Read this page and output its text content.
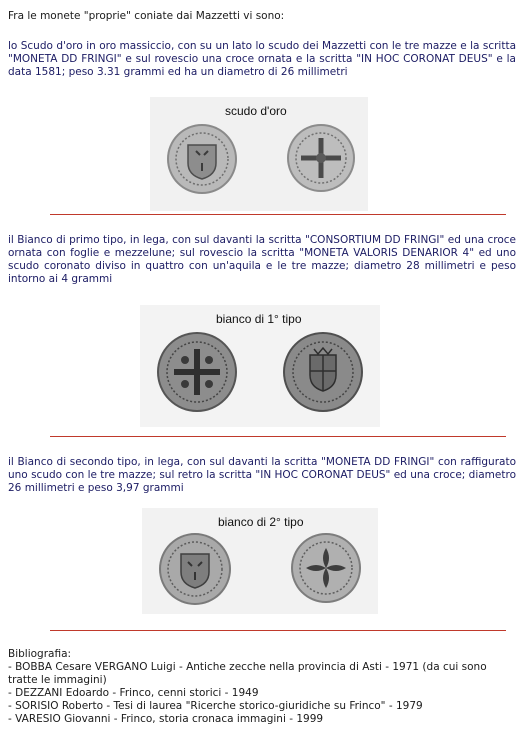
Fra le monete "proprie" coniate dai Mazzetti vi sono:

lo Scudo d'oro in oro massiccio, con su un lato lo scudo dei Mazzetti con le tre mazze e la scritta "MONETA DD FRINGI" e sul rovescio una croce ornata e la scritta "IN HOC CORONAT DEUS" e la data 1581; peso 3.31 grammi ed ha un diametro di 26 millimetri

scudo d'oro

il Bianco di primo tipo, in lega, con sul davanti la scritta "CONSORTIUM DD FRINGI" ed una croce ornata con foglie e mezzelune; sul rovescio la scritta "MONETA VALORIS DENARIOR 4" ed uno scudo coronato diviso in quattro con un'aquila e le tre mazze; diametro 28 millimetri e peso intorno ai 4 grammi

bianco di 1° tipo

il Bianco di secondo tipo, in lega, con sul davanti la scritta "MONETA DD FRINGI" con raffigurato uno scudo con le tre mazze; sul retro la scritta "IN HOC CORONAT DEUS" ed una croce; diametro 26 millimetri e peso 3,97 grammi

bianco di 2° tipo

Bibliografia:

- BOBBA Cesare VERGANO Luigi - Antiche zecche nella provincia di Asti - 1971 (da cui sono tratte le immagini)

- DEZZANI Edoardo - Frinco, cenni storici - 1949

- SORISIO Roberto - Tesi di laurea "Ricerche storico-giuridiche su Frinco" - 1979

- VARESIO Giovanni - Frinco, storia cronaca immagini - 1999
